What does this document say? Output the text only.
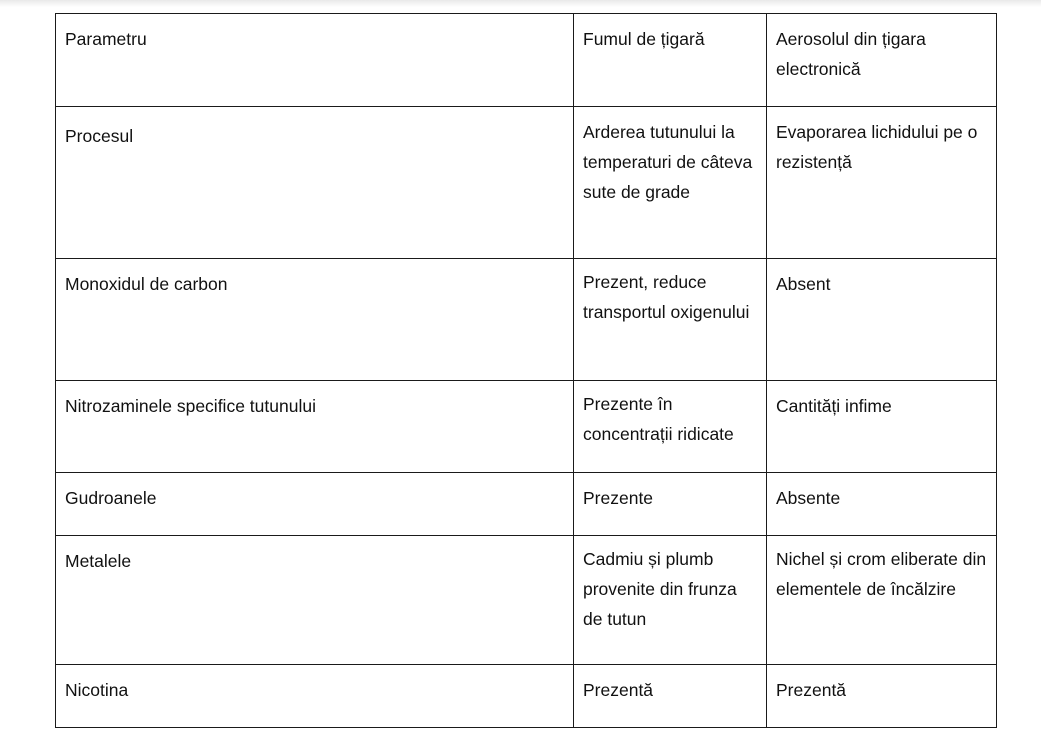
Parametru	Fumul de țigară	Aerosolul din țigara electronică
Procesul	Arderea tutunului la temperaturi de câteva sute de grade	Evaporarea lichidului pe o rezistență
Monoxidul de carbon	Prezent, reduce transportul oxigenului	Absent
Nitrozaminele specifice tutunului	Prezente în concentrații ridicate	Cantități infime
Gudroanele	Prezente	Absente
Metalele	Cadmiu și plumb provenite din frunza de tutun	Nichel și crom eliberate din elementele de încălzire
Nicotina	Prezentă	Prezentă
